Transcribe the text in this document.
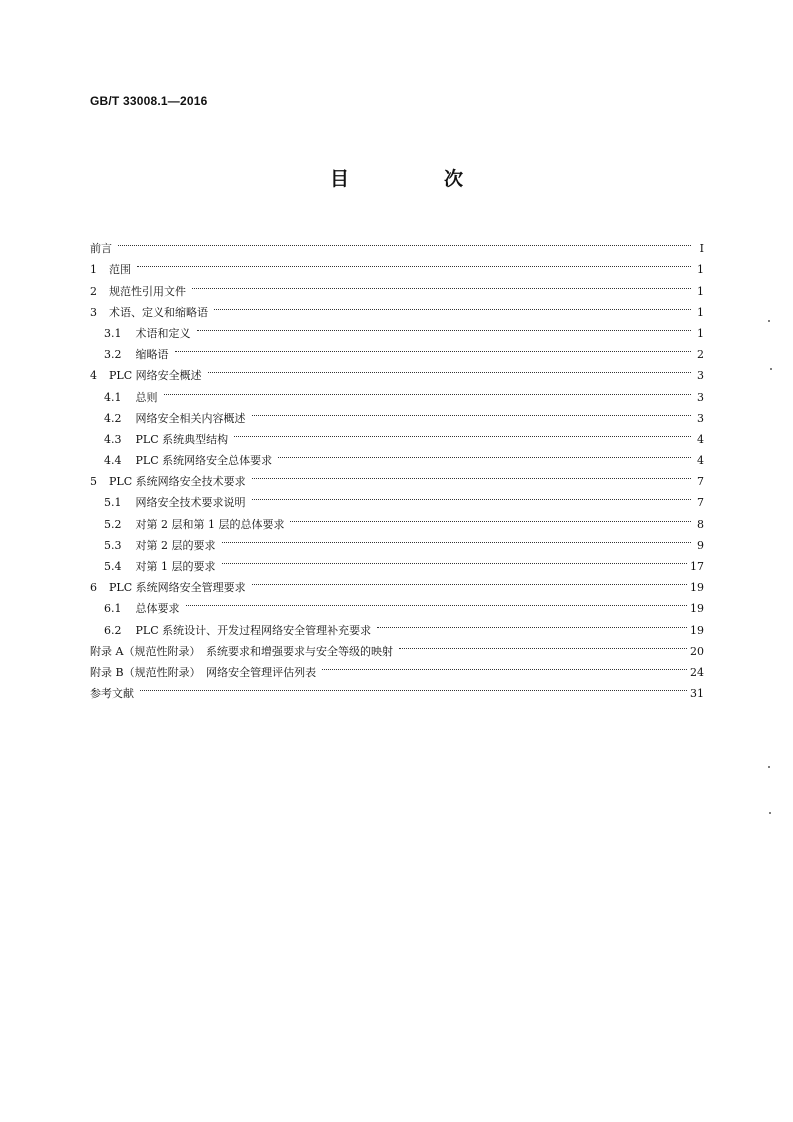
GB/T 33008.1—2016
目　次
前言	Ⅰ
1 范围	1
2 规范性引用文件	1
3 术语、定义和缩略语	1
3.1 术语和定义	1
3.2 缩略语	2
4 PLC 网络安全概述	3
4.1 总则	3
4.2 网络安全相关内容概述	3
4.3 PLC 系统典型结构	4
4.4 PLC 系统网络安全总体要求	4
5 PLC 系统网络安全技术要求	7
5.1 网络安全技术要求说明	7
5.2 对第 2 层和第 1 层的总体要求	8
5.3 对第 2 层的要求	9
5.4 对第 1 层的要求	17
6 PLC 系统网络安全管理要求	19
6.1 总体要求	19
6.2 PLC 系统设计、开发过程网络安全管理补充要求	19
附录 A（规范性附录）　系统要求和增强要求与安全等级的映射	20
附录 B（规范性附录）　网络安全管理评估列表	24
参考文献	31
